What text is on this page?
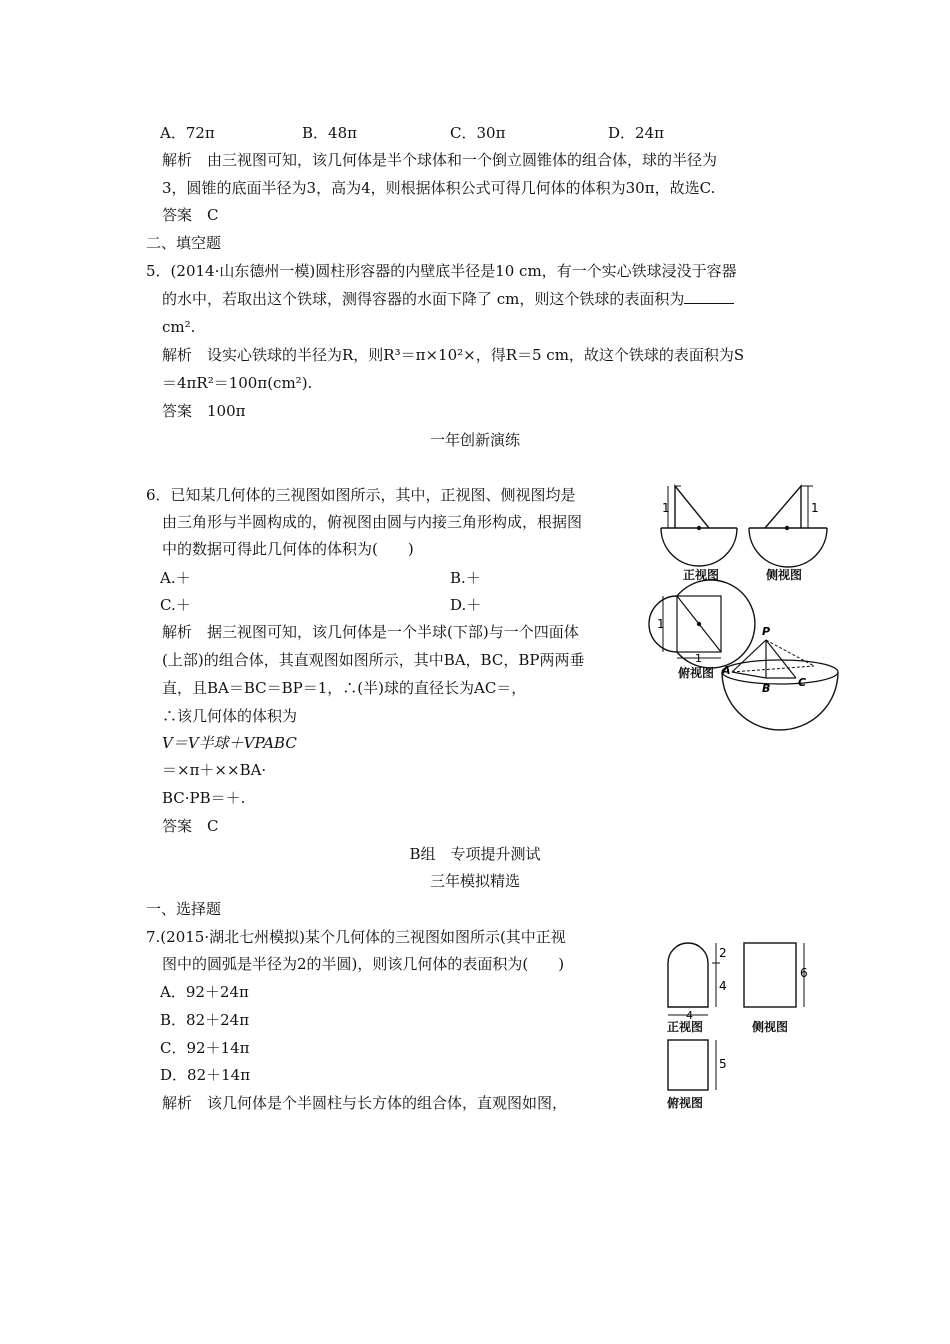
A．72π	B．48π	C．30π	D．24π
解析　由三视图可知，该几何体是半个球体和一个倒立圆锥体的组合体，球的半径为
3，圆锥的底面半径为3，高为4，则根据体积公式可得几何体的体积为30π，故选C.
答案　C
二、填空题
5．(2014·山东德州一模)圆柱形容器的内壁底半径是10 cm，有一个实心铁球浸没于容器
的水中，若取出这个铁球，测得容器的水面下降了 cm，则这个铁球的表面积为
cm².
解析　设实心铁球的半径为R，则R³＝π×10²×，得R＝5 cm，故这个铁球的表面积为S
＝4πR²＝100π(cm²).
答案　100π
一年创新演练
6．已知某几何体的三视图如图所示，其中，正视图、侧视图均是
由三角形与半圆构成的，俯视图由圆与内接三角形构成，根据图
中的数据可得此几何体的体积为(　　)
A.＋	B.＋
C.＋	D.＋
解析　据三视图可知，该几何体是一个半球(下部)与一个四面体
(上部)的组合体，其直观图如图所示，其中BA，BC，BP两两垂
直，且BA＝BC＝BP＝1，∴(半)球的直径长为AC＝，
∴该几何体的体积为
V＝V半球＋VPABC
＝×π＋××BA·
BC·PB＝＋.
答案　C
1	1
正视图	侧视图
1
1
俯视图
P
A
B	C
B组　专项提升测试
三年模拟精选
一、选择题
7.(2015·湖北七州模拟)某个几何体的三视图如图所示(其中正视
图中的圆弧是半径为2的半圆)，则该几何体的表面积为(　　)
A．92＋24π
B．82＋24π
C．92＋14π
D．82＋14π
解析　该几何体是个半圆柱与长方体的组合体，直观图如图，
2
4
4
6
正视图	侧视图
5
俯视图
